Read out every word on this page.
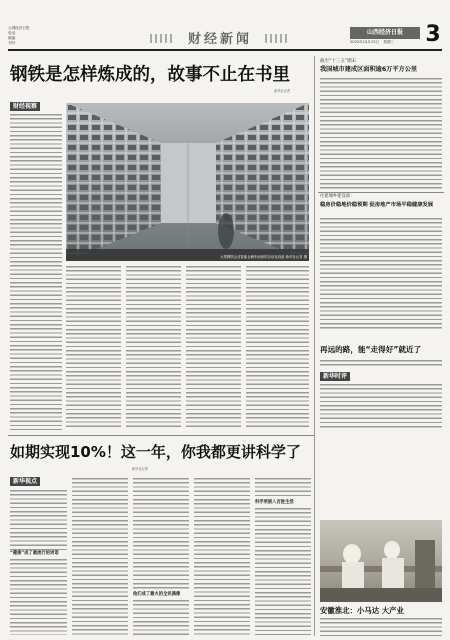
云城经济日报
电话：
邮编：
刊号：	财经新闻	山西经济日报
2020年10月23日 星期三	3
钢铁是怎样炼成的，故事不止在书里
新华社记者
财经视察
大型钢铁企业智能仓储车间里的自动化设备 新华社记者 摄
截至“十三五”期末
我国城市建成区面积逾6万平方公里
住建城乡建设部：
稳房价稳地价稳预期 促房地产市场平稳健康发展
再远的路，能“走得好”就近了
新华时评
如期实现10%！这一年，你我都更讲科学了
新华社记者
新华视点
“健康”成了最流行的词语
他们成了最火的全民偶像
科学更嵌入百姓生活
安徽淮北：小马达 大产业
